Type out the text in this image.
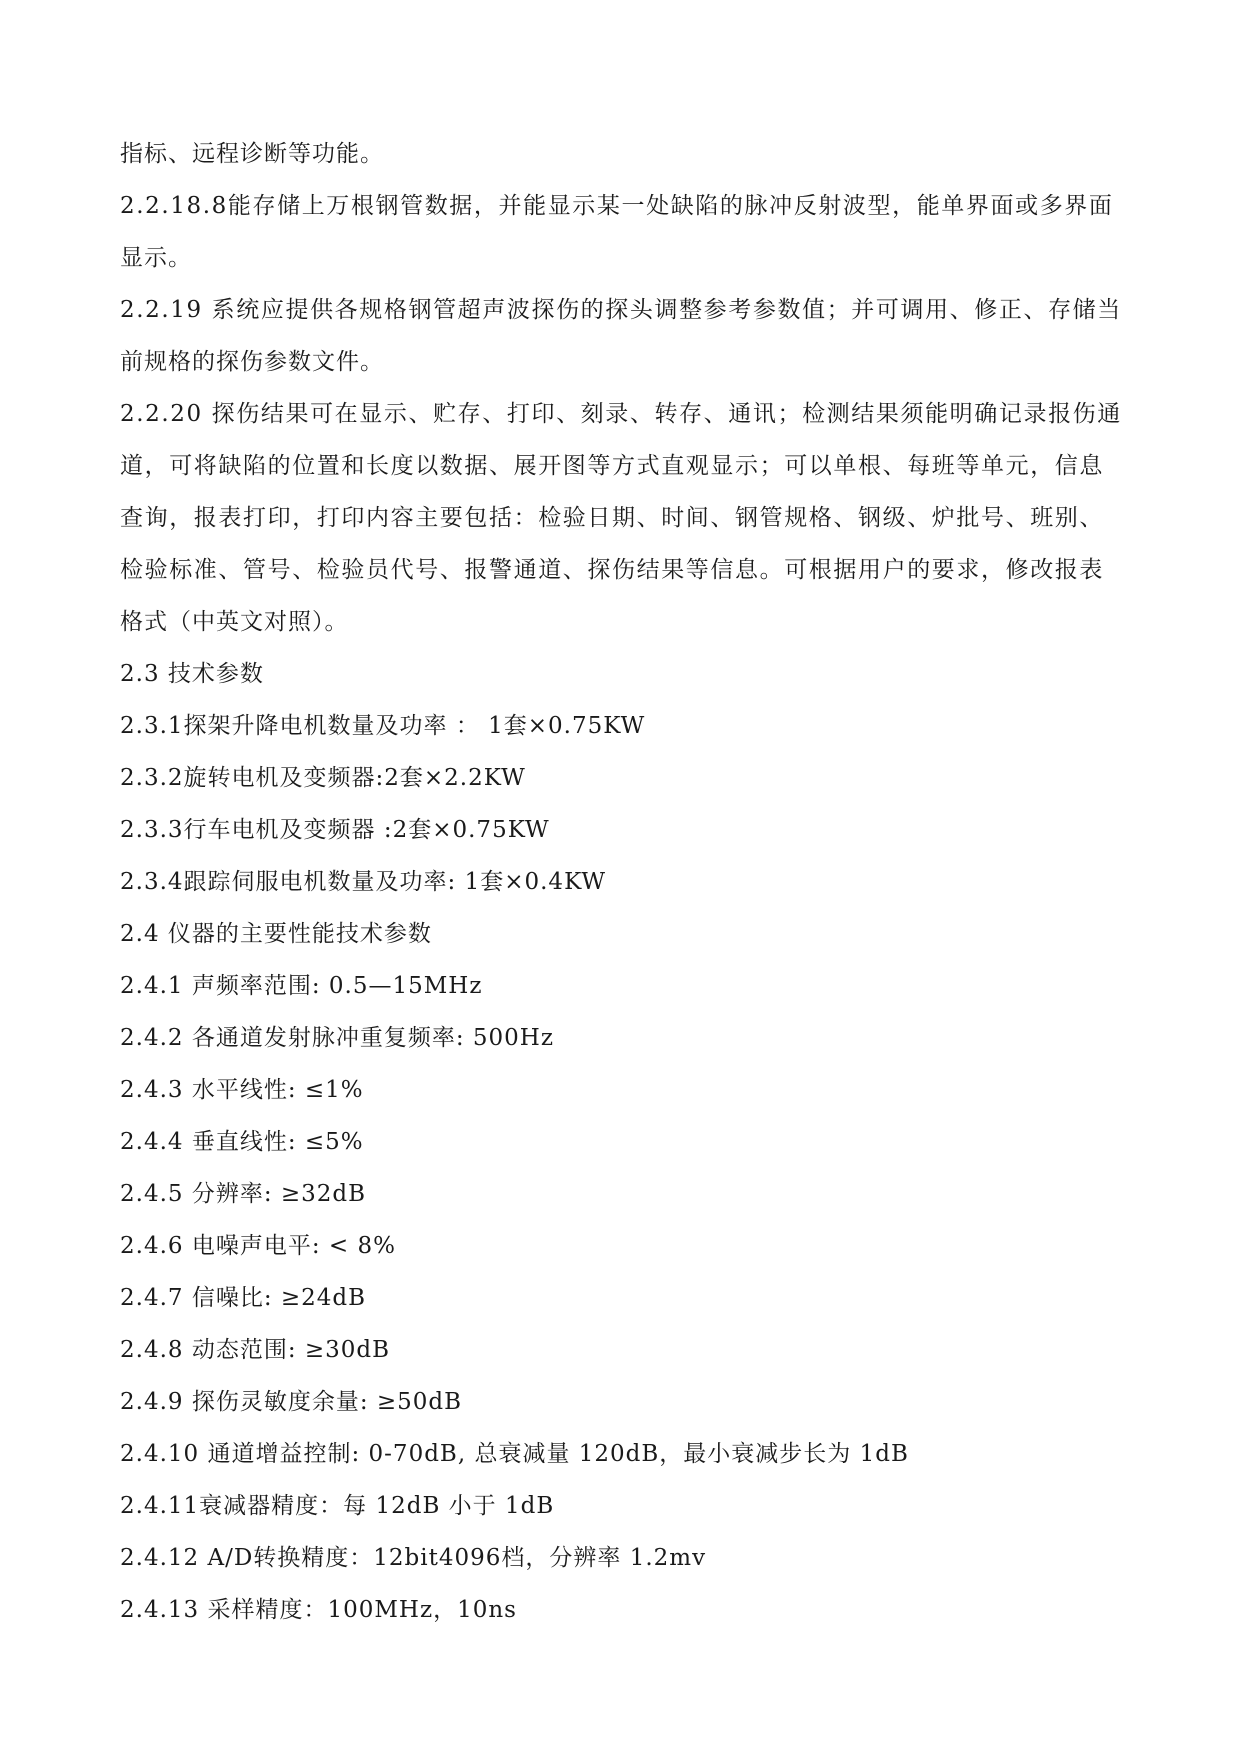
指标、远程诊断等功能。
2.2.18.8能存储上万根钢管数据，并能显示某一处缺陷的脉冲反射波型，能单界面或多界面
显示。
2.2.19 系统应提供各规格钢管超声波探伤的探头调整参考参数值；并可调用、修正、存储当
前规格的探伤参数文件。
2.2.20 探伤结果可在显示、贮存、打印、刻录、转存、通讯；检测结果须能明确记录报伤通
道，可将缺陷的位置和长度以数据、展开图等方式直观显示；可以单根、每班等单元，信息
查询，报表打印，打印内容主要包括：检验日期、时间、钢管规格、钢级、炉批号、班别、
检验标准、管号、检验员代号、报警通道、探伤结果等信息。可根据用户的要求，修改报表
格式（中英文对照）。
2.3 技术参数
2.3.1探架升降电机数量及功率 ： 1套×0.75KW
2.3.2旋转电机及变频器:2套×2.2KW
2.3.3行车电机及变频器 :2套×0.75KW
2.3.4跟踪伺服电机数量及功率: 1套×0.4KW
2.4 仪器的主要性能技术参数
2.4.1 声频率范围: 0.5—15MHz
2.4.2 各通道发射脉冲重复频率: 500Hz
2.4.3 水平线性: ≤1%
2.4.4 垂直线性: ≤5%
2.4.5 分辨率: ≥32dB
2.4.6 电噪声电平: < 8%
2.4.7 信噪比: ≥24dB
2.4.8 动态范围: ≥30dB
2.4.9 探伤灵敏度余量: ≥50dB
2.4.10 通道增益控制: 0-70dB, 总衰减量 120dB，最小衰减步长为 1dB
2.4.11衰减器精度：每 12dB 小于 1dB
2.4.12 A/D转换精度：12bit4096档，分辨率 1.2mv
2.4.13 采样精度：100MHz，10ns
